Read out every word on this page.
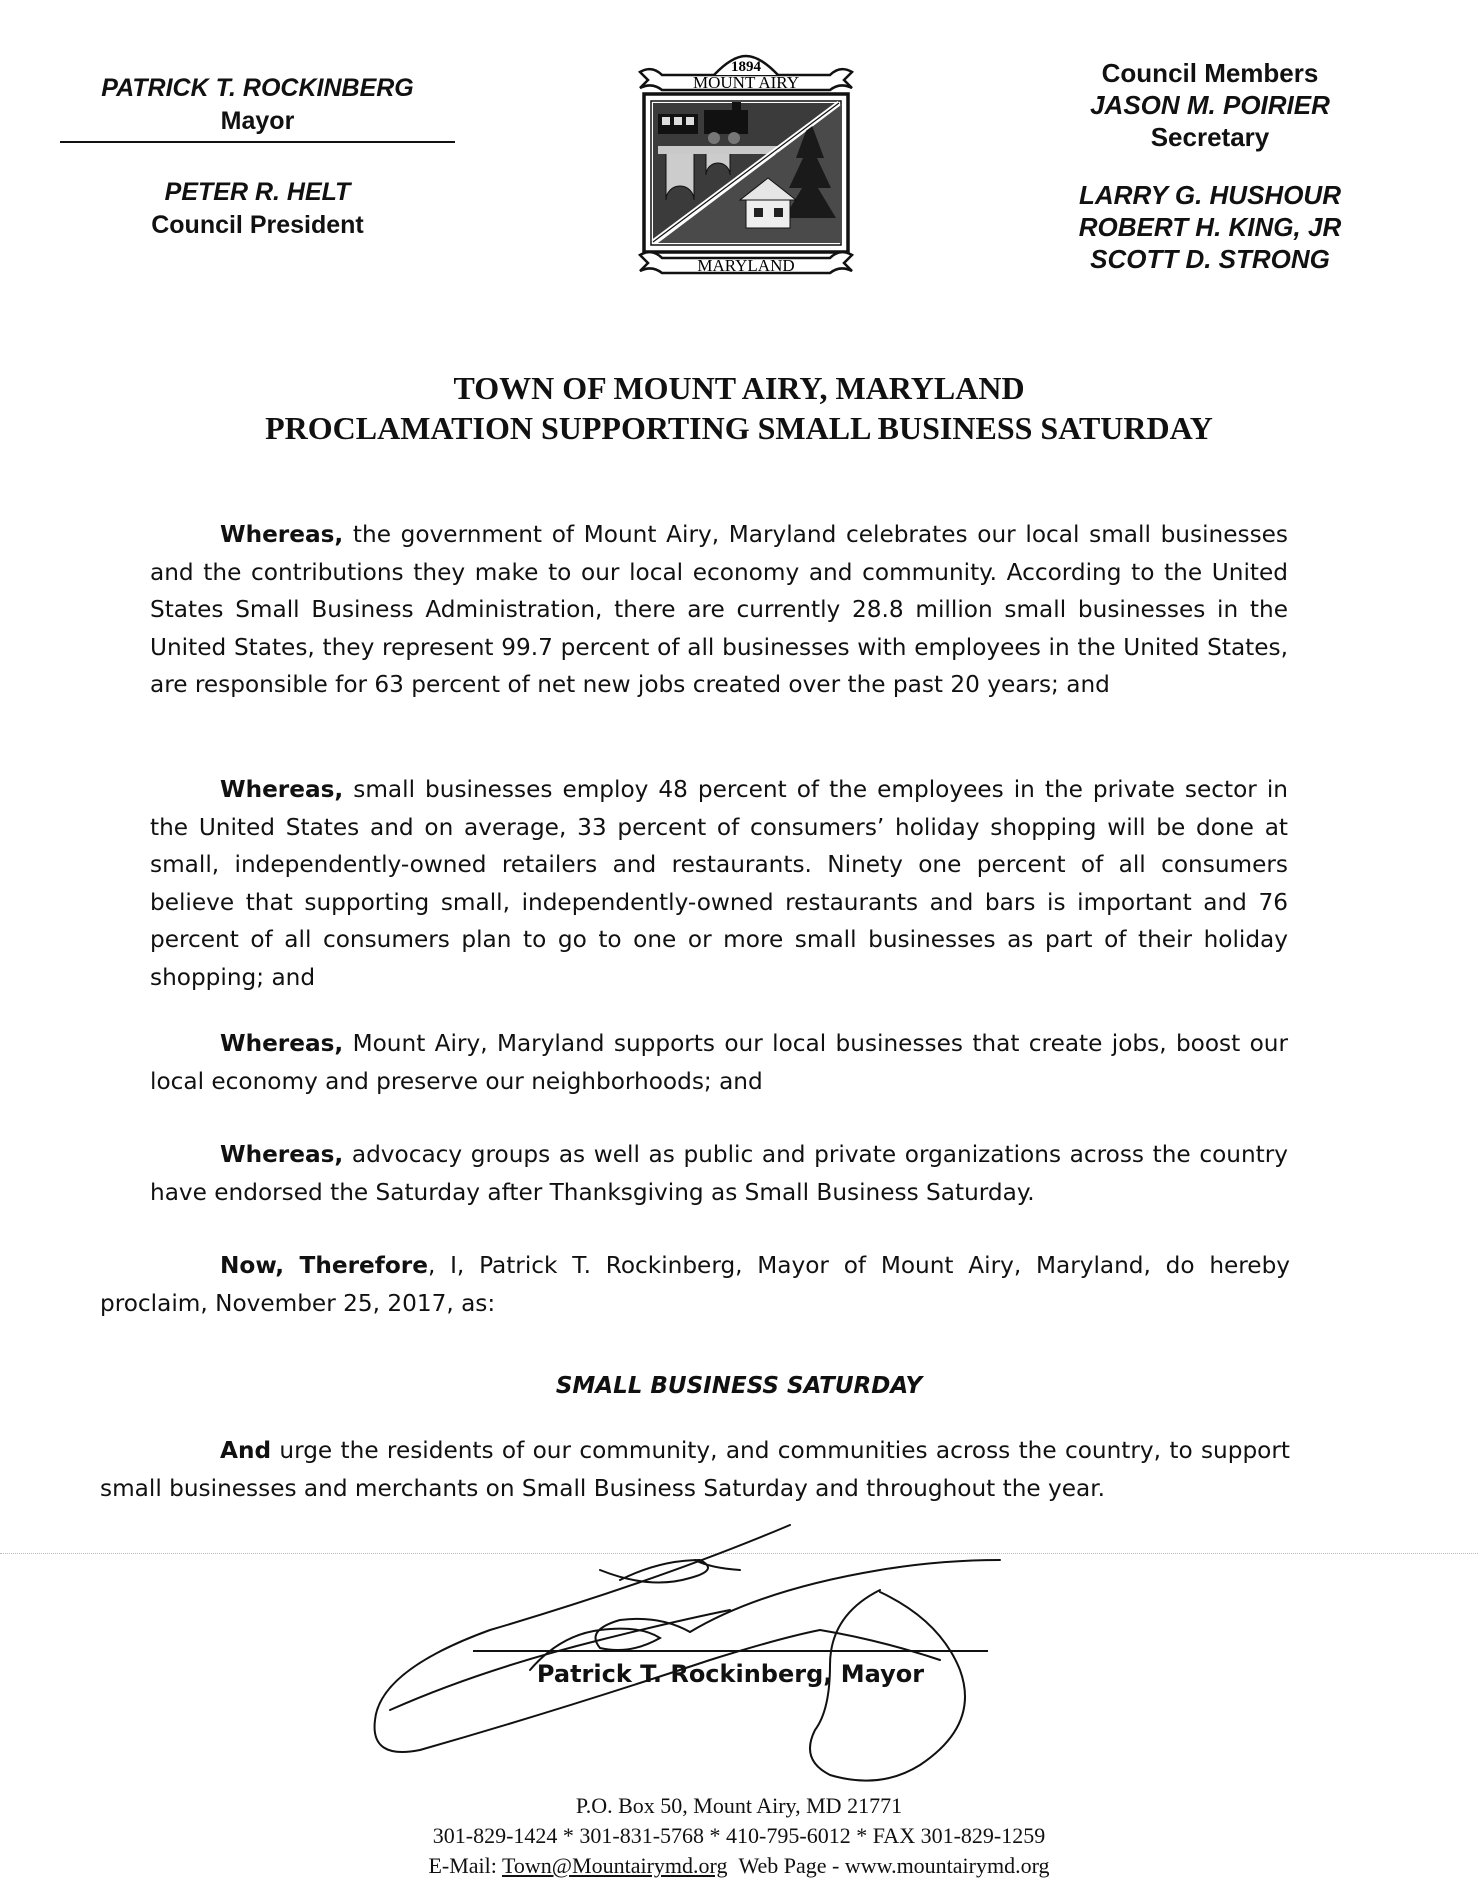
PATRICK T. ROCKINBERG
Mayor
PETER R. HELT
Council President
1894
MOUNT AIRY
MARYLAND
Council Members
JASON M. POIRIER
Secretary
LARRY G. HUSHOUR
ROBERT H. KING, JR
SCOTT D. STRONG
TOWN OF MOUNT AIRY, MARYLAND
PROCLAMATION SUPPORTING SMALL BUSINESS SATURDAY
Whereas, the government of Mount Airy, Maryland celebrates our local small businesses and the contributions they make to our local economy and community. According to the United States Small Business Administration, there are currently 28.8 million small businesses in the United States, they represent 99.7 percent of all businesses with employees in the United States, are responsible for 63 percent of net new jobs created over the past 20 years; and
Whereas, small businesses employ 48 percent of the employees in the private sector in the United States and on average, 33 percent of consumers’ holiday shopping will be done at small, independently-owned retailers and restaurants. Ninety one percent of all consumers believe that supporting small, independently-owned restaurants and bars is important and 76 percent of all consumers plan to go to one or more small businesses as part of their holiday shopping; and
Whereas, Mount Airy, Maryland supports our local businesses that create jobs, boost our local economy and preserve our neighborhoods; and
Whereas, advocacy groups as well as public and private organizations across the country have endorsed the Saturday after Thanksgiving as Small Business Saturday.
Now, Therefore, I, Patrick T. Rockinberg, Mayor of Mount Airy, Maryland, do hereby proclaim, November 25, 2017, as:
SMALL BUSINESS SATURDAY
And urge the residents of our community, and communities across the country, to support small businesses and merchants on Small Business Saturday and throughout the year.
Patrick T. Rockinberg, Mayor
P.O. Box 50, Mount Airy, MD 21771
301-829-1424 * 301-831-5768 * 410-795-6012 * FAX 301-829-1259
E-Mail: Town@Mountairymd.org Web Page - www.mountairymd.org
